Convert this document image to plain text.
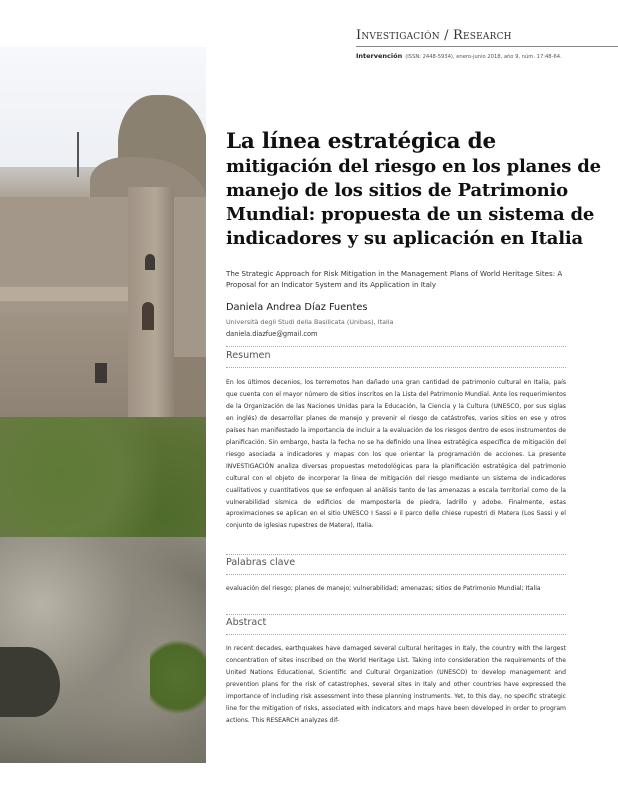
Investigación / Research
Intervención (ISSN: 2448-5934), enero-junio 2018, año 9, núm. 17:48-64.
La línea estratégica de
mitigación del riesgo en los planes de manejo de los sitios de Patrimonio Mundial: propuesta de un sistema de indicadores y su aplicación en Italia

The Strategic Approach for Risk Mitigation in the Management Plans of World Heritage Sites: A Proposal for an Indicator System and its Application in Italy

Daniela Andrea Díaz Fuentes
Università degli Studi della Basilicata (Unibas), Italia
daniela.diazfue@gmail.com
Resumen

En los últimos decenios, los terremotos han dañado una gran cantidad de patrimonio cultural en Italia, país que cuenta con el mayor número de sitios inscritos en la Lista del Patrimonio Mundial. Ante los requerimientos de la Organización de las Naciones Unidas para la Educación, la Ciencia y la Cultura (UNESCO, por sus siglas en inglés) de desarrollar planes de manejo y prevenir el riesgo de catástrofes, varios sitios en ese y otros países han manifestado la importancia de incluir a la evaluación de los riesgos dentro de esos instrumentos de planificación. Sin embargo, hasta la fecha no se ha definido una línea estratégica específica de mitigación del riesgo asociada a indicadores y mapas con los que orientar la programación de acciones. La presente INVESTIGACIÓN analiza diversas propuestas metodológicas para la planificación estratégica del patrimonio cultural con el objeto de incorporar la línea de mitigación del riesgo mediante un sistema de indicadores cualitativos y cuantitativos que se enfoquen al análisis tanto de las amenazas a escala territorial como de la vulnerabilidad sísmica de edificios de mampostería de piedra, ladrillo y adobe. Finalmente, estas aproximaciones se aplican en el sitio UNESCO I Sassi e il parco delle chiese rupestri di Matera (Los Sassi y el conjunto de iglesias rupestres de Matera), Italia.

Palabras clave

evaluación del riesgo; planes de manejo; vulnerabilidad; amenazas; sitios de Patrimonio Mundial; Italia

Abstract

In recent decades, earthquakes have damaged several cultural heritages in Italy, the country with the largest concentration of sites inscribed on the World Heritage List. Taking into consideration the requirements of the United Nations Educational, Scientific and Cultural Organization (UNESCO) to develop management and prevention plans for the risk of catastrophes, several sites in Italy and other countries have expressed the importance of including risk assessment into these planning instruments. Yet, to this day, no specific strategic line for the mitigation of risks, associated with indicators and maps have been developed in order to program actions. This RESEARCH analyzes dif-
